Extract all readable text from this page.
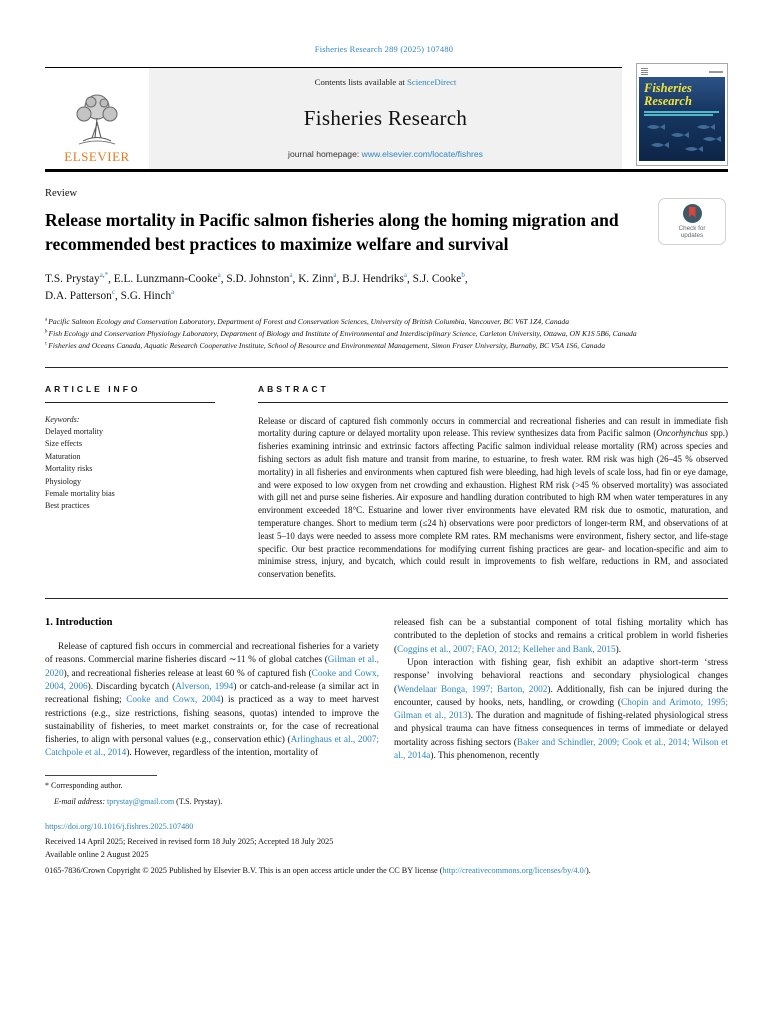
Fisheries Research 289 (2025) 107480
ELSEVIER
Contents lists available at ScienceDirect
Fisheries Research
journal homepage: www.elsevier.com/locate/fishres
Fisheries Research
Review
Release mortality in Pacific salmon fisheries along the homing migration and recommended best practices to maximize welfare and survival
Check for updates
T.S. Prystay$^{a,*}$, E.L. Lunzmann-Cooke$^a$, S.D. Johnston$^a$, K. Zinn$^a$, B.J. Hendriks$^a$, S.J. Cooke$^b$,
D.A. Patterson$^c$, S.G. Hinch$^a$
$^a$ Pacific Salmon Ecology and Conservation Laboratory, Department of Forest and Conservation Sciences, University of British Columbia, Vancouver, BC V6T 1Z4, Canada
$^b$ Fish Ecology and Conservation Physiology Laboratory, Department of Biology and Institute of Environmental and Interdisciplinary Science, Carleton University, Ottawa, ON K1S 5B6, Canada
$^c$ Fisheries and Oceans Canada, Aquatic Research Cooperative Institute, School of Resource and Environmental Management, Simon Fraser University, Burnaby, BC V5A 1S6, Canada
ARTICLE INFO
Keywords:
Delayed mortality
Size effects
Maturation
Mortality risks
Physiology
Female mortality bias
Best practices
ABSTRACT
Release or discard of captured fish commonly occurs in commercial and recreational fisheries and can result in immediate fish mortality during capture or delayed mortality upon release. This review synthesizes data from Pacific salmon (Oncorhynchus spp.) fisheries examining intrinsic and extrinsic factors affecting Pacific salmon individual release mortality (RM) across species and fishing sectors as adult fish mature and transit from marine, to estuarine, to fresh water. RM risk was high (26–45 % observed mortality) in all fisheries and environments when captured fish were bleeding, had high levels of scale loss, had fin or eye damage, and were exposed to low oxygen from net crowding and exhaustion. Highest RM risk (>45 % observed mortality) was associated with gill net and purse seine fisheries. Air exposure and handling duration contributed to high RM when water temperatures in any environment exceeded 18°C. Estuarine and lower river environments have elevated RM risk due to osmotic, maturation, and temperature changes. Short to medium term (≤24 h) observations were poor predictors of longer-term RM, and observations of at least 5–10 days were needed to assess more complete RM rates. RM mechanisms were environment, fishery sector, and life-stage specific. Our best practice recommendations for modifying current fishing practices are gear- and location-specific and aim to minimise stress, injury, and bycatch, which could result in improvements to fish welfare, reductions in RM, and associated conservation benefits.
1. Introduction
Release of captured fish occurs in commercial and recreational fisheries for a variety of reasons. Commercial marine fisheries discard ∼11 % of global catches (Gilman et al., 2020), and recreational fisheries release at least 60 % of captured fish (Cooke and Cowx, 2004, 2006). Discarding bycatch (Alverson, 1994) or catch-and-release (a similar act in recreational fishing; Cooke and Cowx, 2004) is practiced as a way to meet harvest restrictions (e.g., size restrictions, fishing seasons, quotas) intended to improve the sustainability of fisheries, to meet market constraints or, for the case of recreational fisheries, to align with personal values (e.g., conservation ethic) (Arlinghaus et al., 2007; Catchpole et al., 2014). However, regardless of the intention, mortality of
* Corresponding author.
E-mail address: tprystay@gmail.com (T.S. Prystay).
released fish can be a substantial component of total fishing mortality which has contributed to the depletion of stocks and remains a critical problem in world fisheries (Coggins et al., 2007; FAO, 2012; Kelleher and Bank, 2015).
Upon interaction with fishing gear, fish exhibit an adaptive short-term ‘stress response’ involving behavioral reactions and secondary physiological changes (Wendelaar Bonga, 1997; Barton, 2002). Additionally, fish can be injured during the encounter, caused by hooks, nets, handling, or crowding (Chopin and Arimoto, 1995; Gilman et al., 2013). The duration and magnitude of fishing-related physiological stress and physical trauma can have fitness consequences in terms of immediate or delayed mortality across fishing sectors (Baker and Schindler, 2009; Cook et al., 2014; Wilson et al., 2014a). This phenomenon, recently
https://doi.org/10.1016/j.fishres.2025.107480
Received 14 April 2025; Received in revised form 18 July 2025; Accepted 18 July 2025
Available online 2 August 2025
0165-7836/Crown Copyright © 2025 Published by Elsevier B.V. This is an open access article under the CC BY license (http://creativecommons.org/licenses/by/4.0/).
